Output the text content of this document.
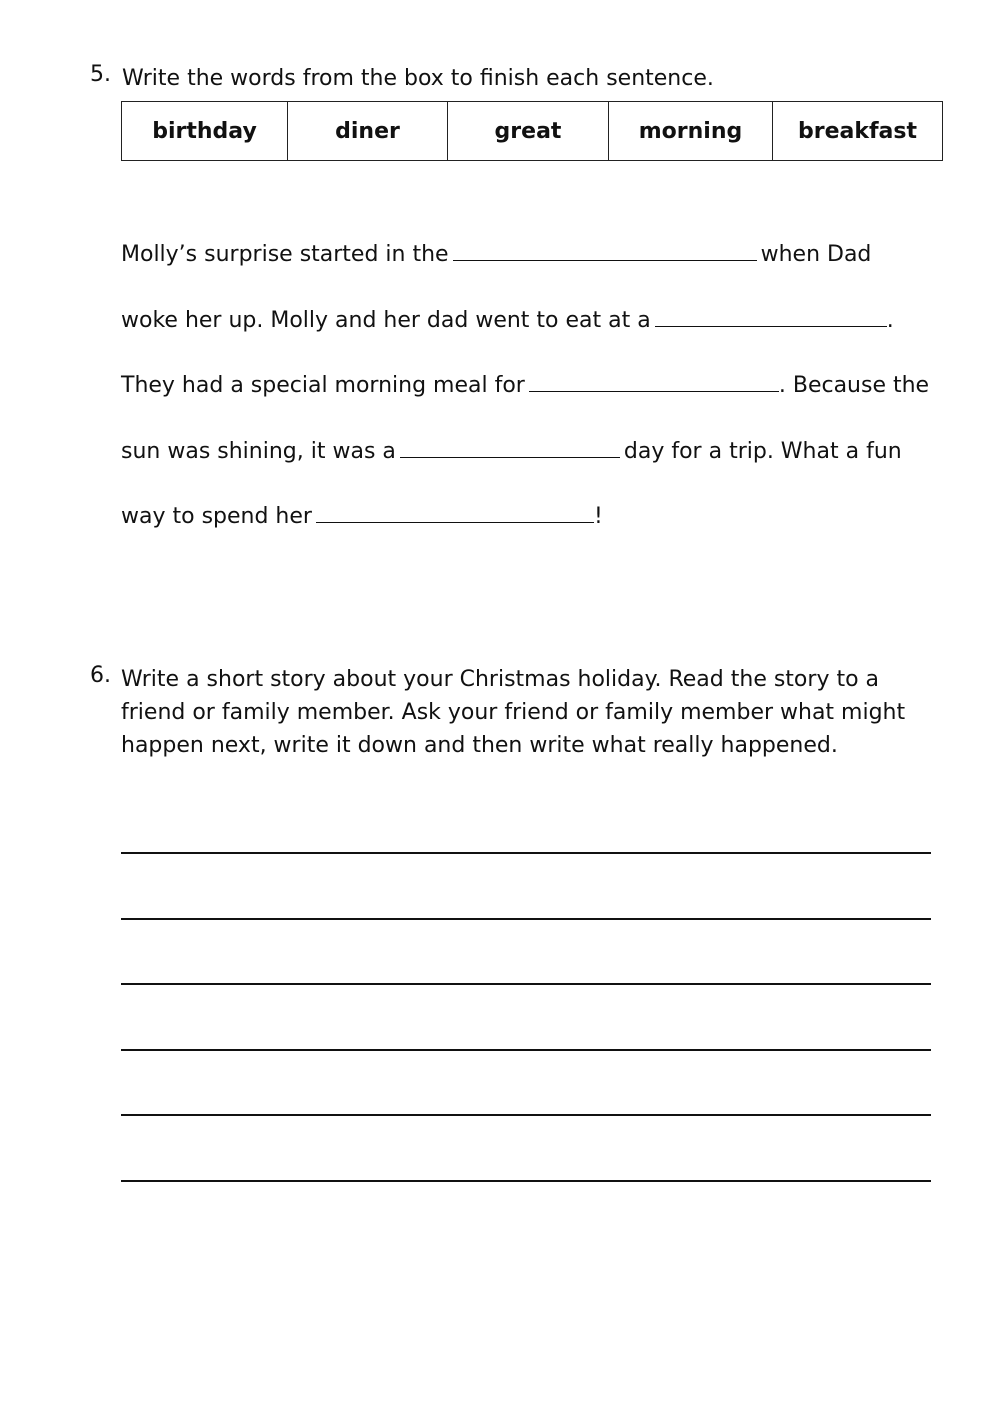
5. Write the words from the box to finish each sentence.
birthday	diner	great	morning	breakfast
Molly’s surprise started in the	when Dad
woke her up. Molly and her dad went to eat at a	.
They had a special morning meal for	. Because the
sun was shining, it was a	day for a trip. What a fun
way to spend her	!
6. Write a short story about your Christmas holiday. Read the story to a
friend or family member. Ask your friend or family member what might
happen next, write it down and then write what really happened.
